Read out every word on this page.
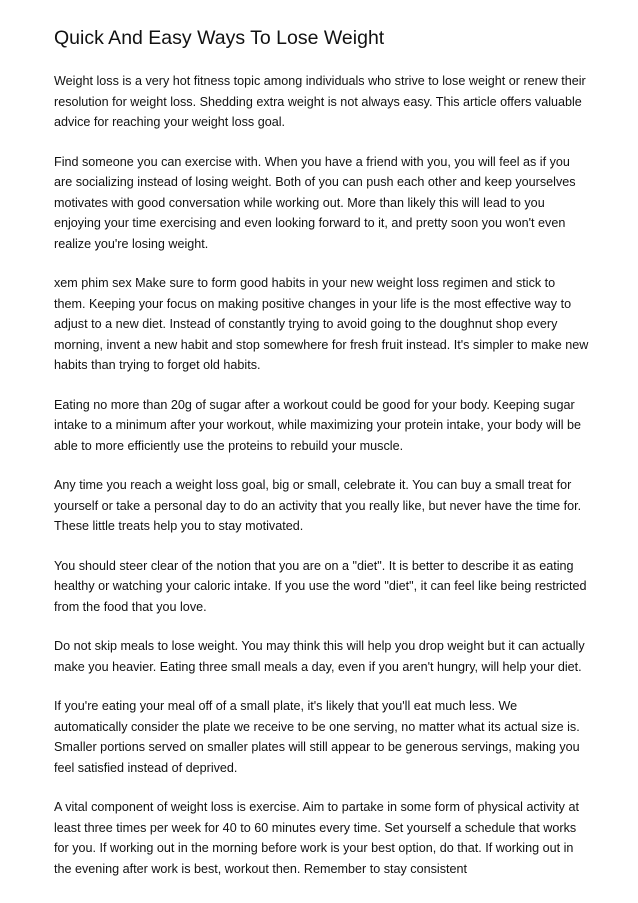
Quick And Easy Ways To Lose Weight

Weight loss is a very hot fitness topic among individuals who strive to lose weight or renew their resolution for weight loss. Shedding extra weight is not always easy. This article offers valuable advice for reaching your weight loss goal.

Find someone you can exercise with. When you have a friend with you, you will feel as if you are socializing instead of losing weight. Both of you can push each other and keep yourselves motivates with good conversation while working out. More than likely this will lead to you enjoying your time exercising and even looking forward to it, and pretty soon you won't even realize you're losing weight.

xem phim sex Make sure to form good habits in your new weight loss regimen and stick to them. Keeping your focus on making positive changes in your life is the most effective way to adjust to a new diet. Instead of constantly trying to avoid going to the doughnut shop every morning, invent a new habit and stop somewhere for fresh fruit instead. It's simpler to make new habits than trying to forget old habits.

Eating no more than 20g of sugar after a workout could be good for your body. Keeping sugar intake to a minimum after your workout, while maximizing your protein intake, your body will be able to more efficiently use the proteins to rebuild your muscle.

Any time you reach a weight loss goal, big or small, celebrate it. You can buy a small treat for yourself or take a personal day to do an activity that you really like, but never have the time for. These little treats help you to stay motivated.

You should steer clear of the notion that you are on a "diet". It is better to describe it as eating healthy or watching your caloric intake. If you use the word "diet", it can feel like being restricted from the food that you love.

Do not skip meals to lose weight. You may think this will help you drop weight but it can actually make you heavier. Eating three small meals a day, even if you aren't hungry, will help your diet.

If you're eating your meal off of a small plate, it's likely that you'll eat much less. We automatically consider the plate we receive to be one serving, no matter what its actual size is. Smaller portions served on smaller plates will still appear to be generous servings, making you feel satisfied instead of deprived.

A vital component of weight loss is exercise. Aim to partake in some form of physical activity at least three times per week for 40 to 60 minutes every time. Set yourself a schedule that works for you. If working out in the morning before work is your best option, do that. If working out in the evening after work is best, workout then. Remember to stay consistent
